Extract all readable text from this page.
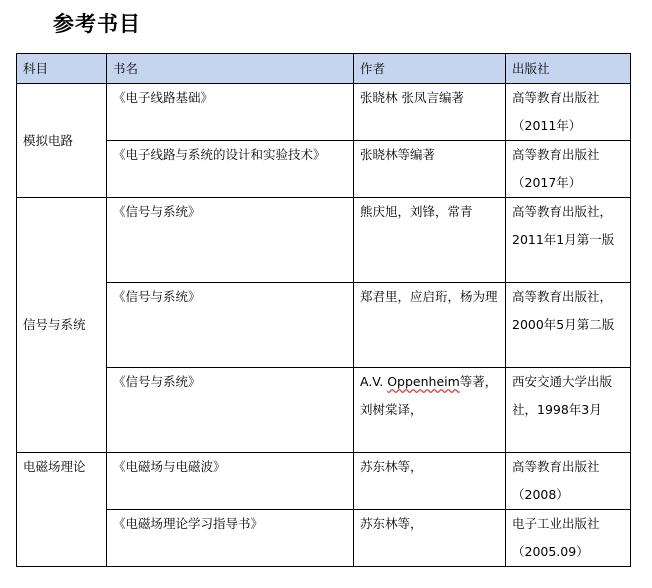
参考书目
科目	书名	作者	出版社
模拟电路	《电子线路基础》	张晓林 张凤言编著	高等教育出版社（2011年）
	《电子线路与系统的设计和实验技术》	张晓林等编著	高等教育出版社（2017年）
信号与系统	《信号与系统》	熊庆旭，刘锋，常青	高等教育出版社，2011年1月第一版
	《信号与系统》	郑君里，应启珩，杨为理	高等教育出版社，2000年5月第二版
	《信号与系统》	A.V. Oppenheim等著，刘树棠译，	西安交通大学出版社，1998年3月
电磁场理论	《电磁场与电磁波》	苏东林等，	高等教育出版社（2008）
	《电磁场理论学习指导书》	苏东林等，	电子工业出版社（2005.09）
